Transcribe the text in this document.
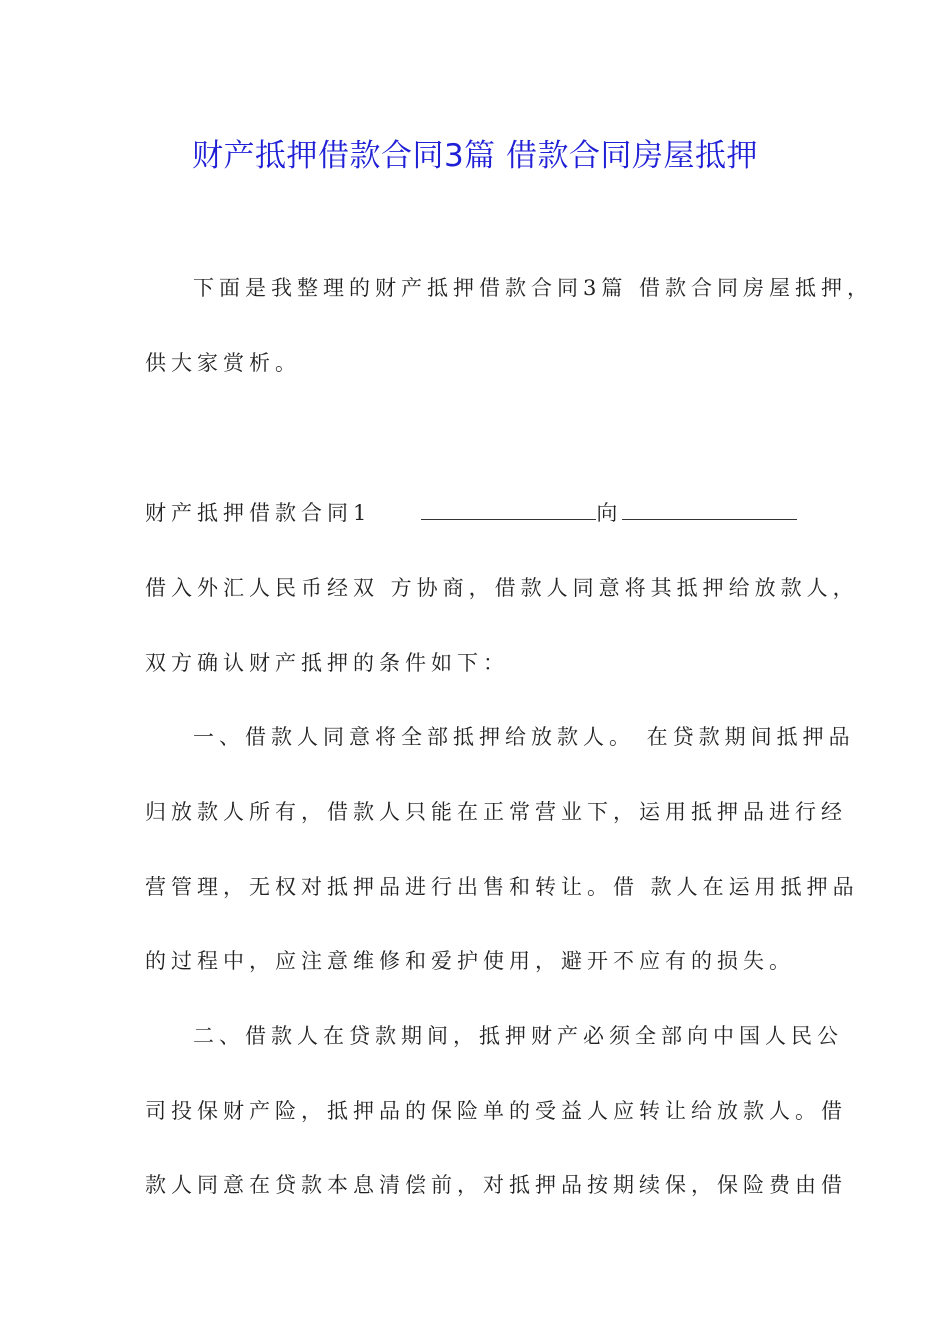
财产抵押借款合同3篇 借款合同房屋抵押
下面是我整理的财产抵押借款合同3篇 借款合同房屋抵押，
供大家赏析。
财产抵押借款合同1	向
借入外汇人民币经双 方协商，借款人同意将其抵押给放款人，
双方确认财产抵押的条件如下：
一、借款人同意将全部抵押给放款人。 在贷款期间抵押品
归放款人所有，借款人只能在正常营业下，运用抵押品进行经
营管理，无权对抵押品进行出售和转让。借 款人在运用抵押品
的过程中，应注意维修和爱护使用，避开不应有的损失。
二、借款人在贷款期间，抵押财产必须全部向中国人民公
司投保财产险，抵押品的保险单的受益人应转让给放款人。借
款人同意在贷款本息清偿前，对抵押品按期续保，保险费由借
